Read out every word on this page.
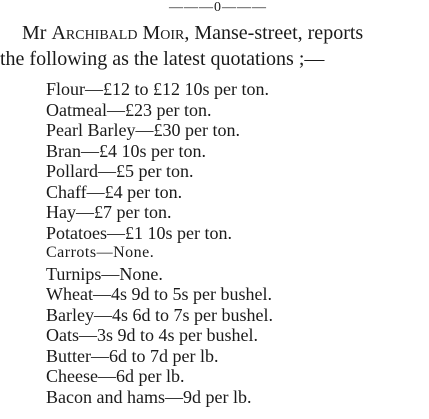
———0———
Mr Archibald Moir, Manse-street, reports
the following as the latest quotations ;—
Flour—£12 to £12 10s per ton.
Oatmeal—£23 per ton.
Pearl Barley—£30 per ton.
Bran—£4 10s per ton.
Pollard—£5 per ton.
Chaff—£4 per ton.
Hay—£7 per ton.
Potatoes—£1 10s per ton.
Carrots—None.
Turnips—None.
Wheat—4s 9d to 5s per bushel.
Barley—4s 6d to 7s per bushel.
Oats—3s 9d to 4s per bushel.
Butter—6d to 7d per lb.
Cheese—6d per lb.
Bacon and hams—9d per lb.
